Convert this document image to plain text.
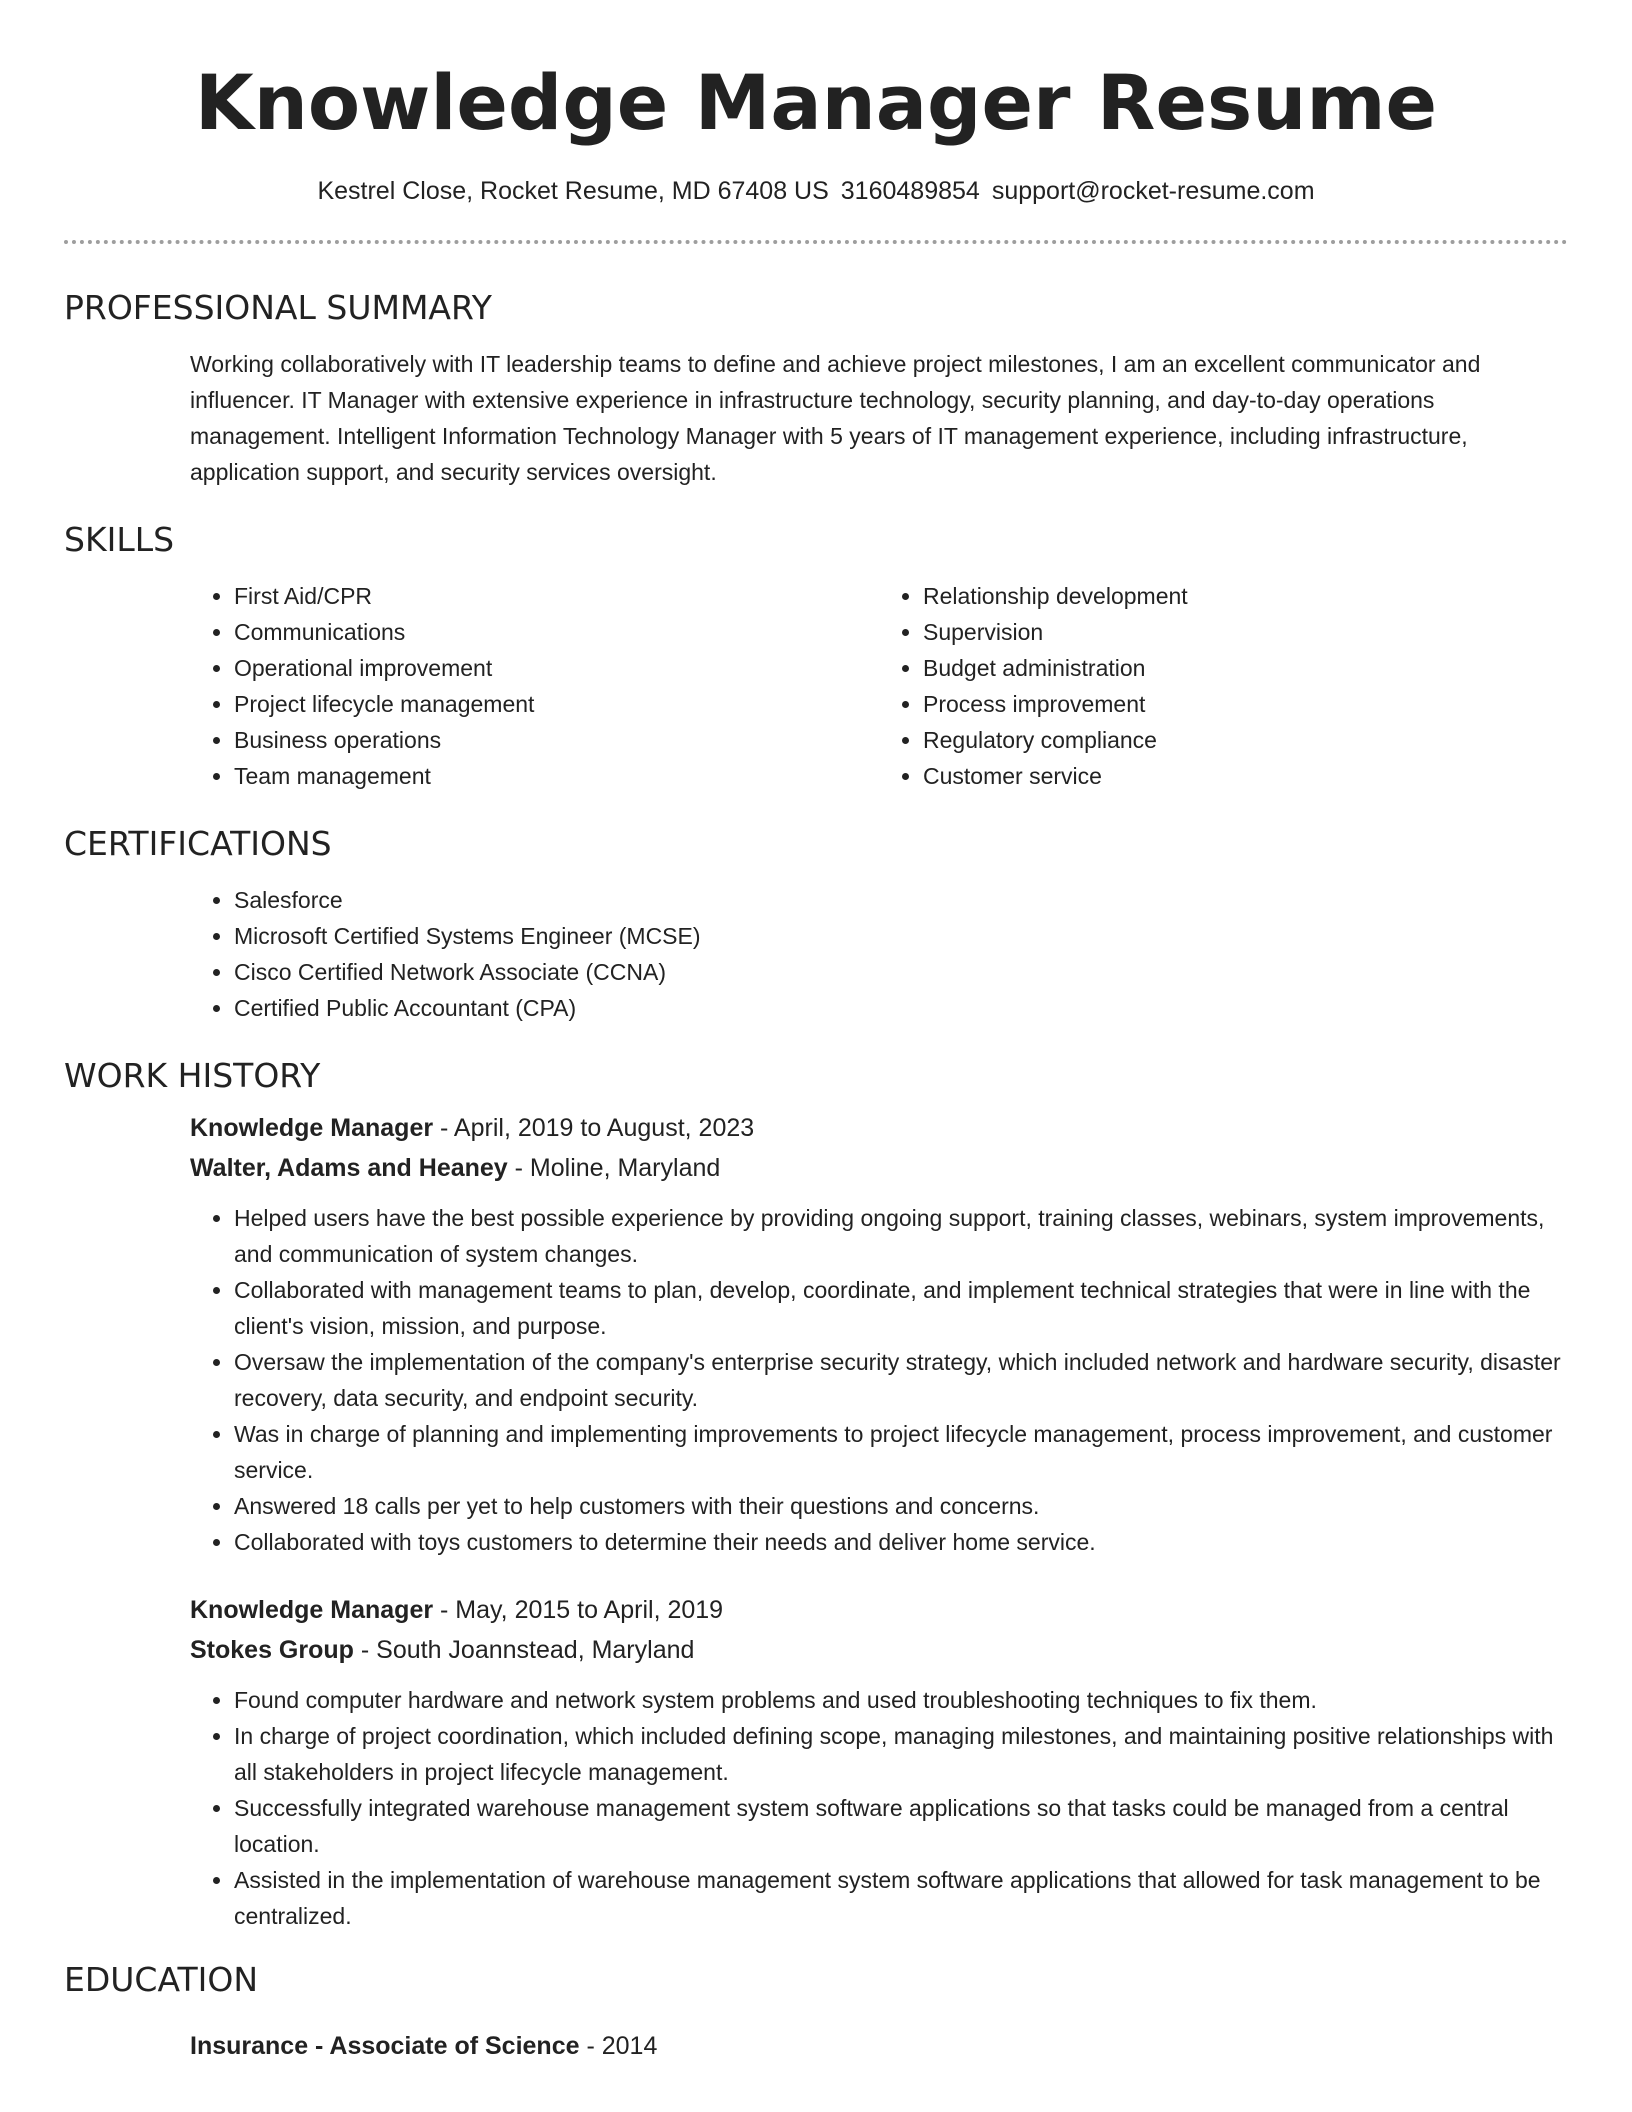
Knowledge Manager Resume
Kestrel Close, Rocket Resume, MD 67408 US 3160489854 support@rocket-resume.com
PROFESSIONAL SUMMARY
Working collaboratively with IT leadership teams to define and achieve project milestones, I am an excellent communicator and influencer. IT Manager with extensive experience in infrastructure technology, security planning, and day-to-day operations management. Intelligent Information Technology Manager with 5 years of IT management experience, including infrastructure, application support, and security services oversight.
SKILLS
• First Aid/CPR
• Communications
• Operational improvement
• Project lifecycle management
• Business operations
• Team management
• Relationship development
• Supervision
• Budget administration
• Process improvement
• Regulatory compliance
• Customer service
CERTIFICATIONS
• Salesforce
• Microsoft Certified Systems Engineer (MCSE)
• Cisco Certified Network Associate (CCNA)
• Certified Public Accountant (CPA)
WORK HISTORY
Knowledge Manager - April, 2019 to August, 2023
Walter, Adams and Heaney - Moline, Maryland
• Helped users have the best possible experience by providing ongoing support, training classes, webinars, system improvements, and communication of system changes.
• Collaborated with management teams to plan, develop, coordinate, and implement technical strategies that were in line with the client's vision, mission, and purpose.
• Oversaw the implementation of the company's enterprise security strategy, which included network and hardware security, disaster recovery, data security, and endpoint security.
• Was in charge of planning and implementing improvements to project lifecycle management, process improvement, and customer service.
• Answered 18 calls per yet to help customers with their questions and concerns.
• Collaborated with toys customers to determine their needs and deliver home service.
Knowledge Manager - May, 2015 to April, 2019
Stokes Group - South Joannstead, Maryland
• Found computer hardware and network system problems and used troubleshooting techniques to fix them.
• In charge of project coordination, which included defining scope, managing milestones, and maintaining positive relationships with all stakeholders in project lifecycle management.
• Successfully integrated warehouse management system software applications so that tasks could be managed from a central location.
• Assisted in the implementation of warehouse management system software applications that allowed for task management to be centralized.
EDUCATION
Insurance - Associate of Science - 2014
